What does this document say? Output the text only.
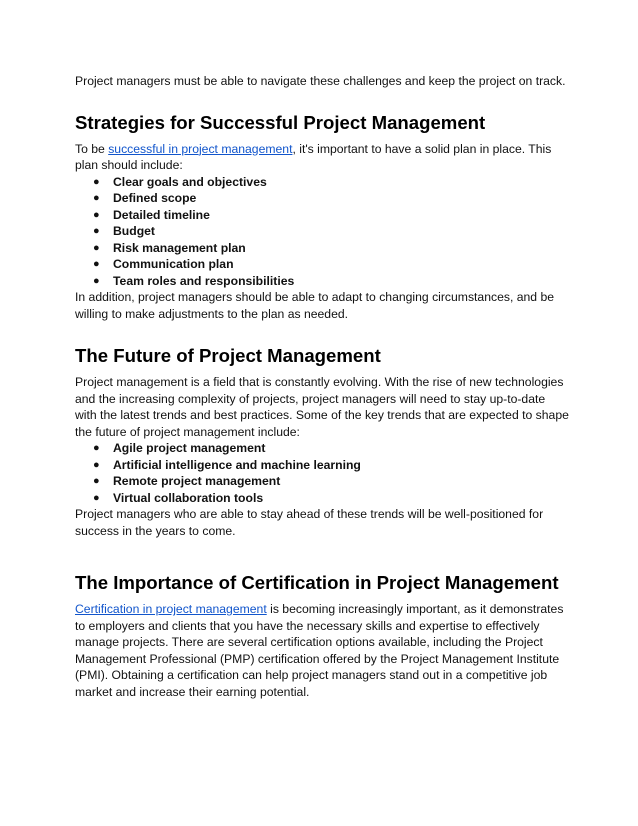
Project managers must be able to navigate these challenges and keep the project on track.

Strategies for Successful Project Management

To be successful in project management, it's important to have a solid plan in place. This plan should include:

● Clear goals and objectives
● Defined scope
● Detailed timeline
● Budget
● Risk management plan
● Communication plan
● Team roles and responsibilities

In addition, project managers should be able to adapt to changing circumstances, and be willing to make adjustments to the plan as needed.

The Future of Project Management

Project management is a field that is constantly evolving. With the rise of new technologies and the increasing complexity of projects, project managers will need to stay up-to-date with the latest trends and best practices. Some of the key trends that are expected to shape the future of project management include:

● Agile project management
● Artificial intelligence and machine learning
● Remote project management
● Virtual collaboration tools

Project managers who are able to stay ahead of these trends will be well-positioned for success in the years to come.

The Importance of Certification in Project Management

Certification in project management is becoming increasingly important, as it demonstrates to employers and clients that you have the necessary skills and expertise to effectively manage projects. There are several certification options available, including the Project Management Professional (PMP) certification offered by the Project Management Institute (PMI). Obtaining a certification can help project managers stand out in a competitive job market and increase their earning potential.
